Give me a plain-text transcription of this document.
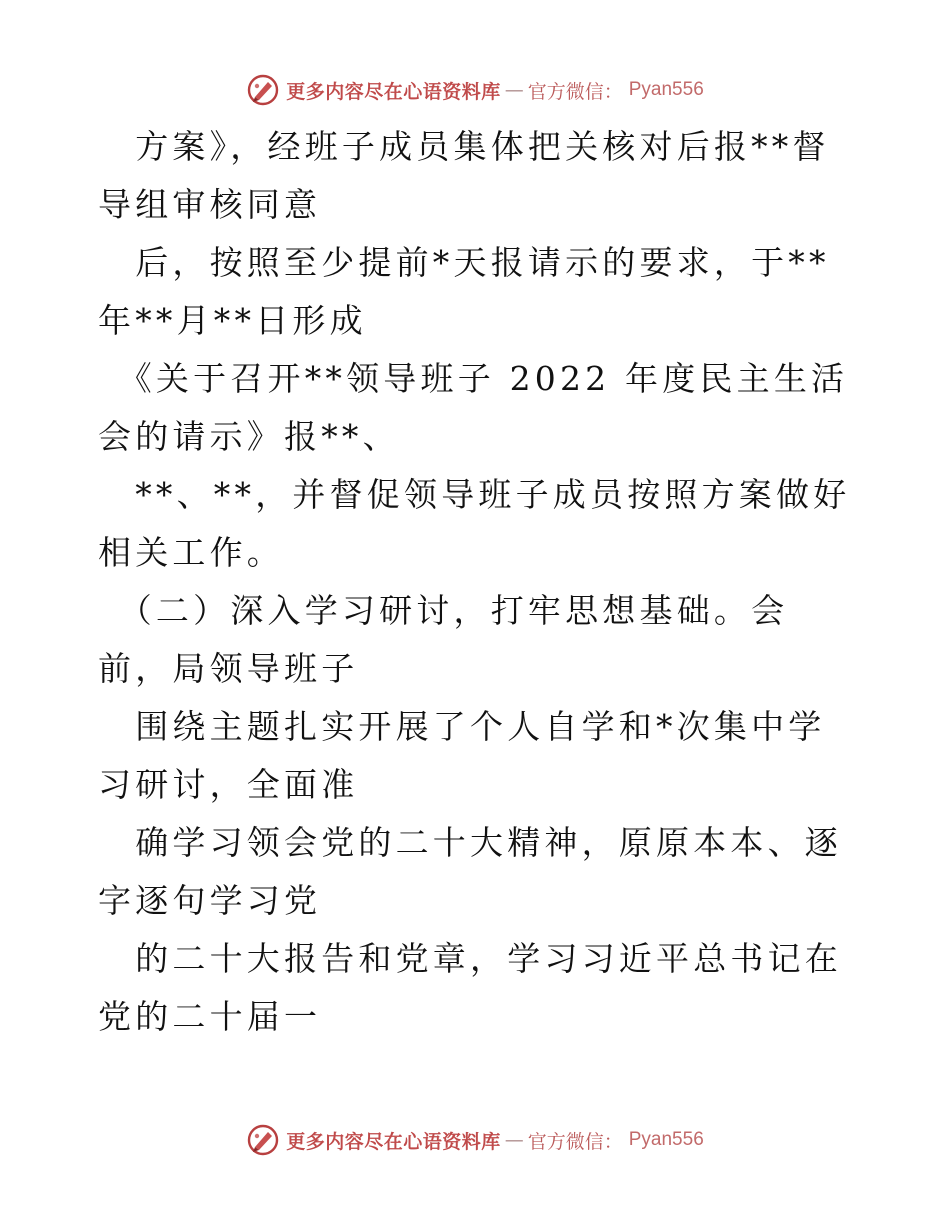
更多内容尽在心语资料库 — 官方微信： Pyan556

　方案》，经班子成员集体把关核对后报**督导组审核同意

　后，按照至少提前*天报请示的要求，于**年**月**日形成

　《关于召开**领导班子 2022 年度民主生活会的请示》报**、

　**、**，并督促领导班子成员按照方案做好相关工作。

　（二）深入学习研讨，打牢思想基础。会前，局领导班子

　围绕主题扎实开展了个人自学和*次集中学习研讨，全面准

　确学习领会党的二十大精神，原原本本、逐字逐句学习党

　的二十大报告和党章，学习习近平总书记在党的二十届一

更多内容尽在心语资料库 — 官方微信： Pyan556
